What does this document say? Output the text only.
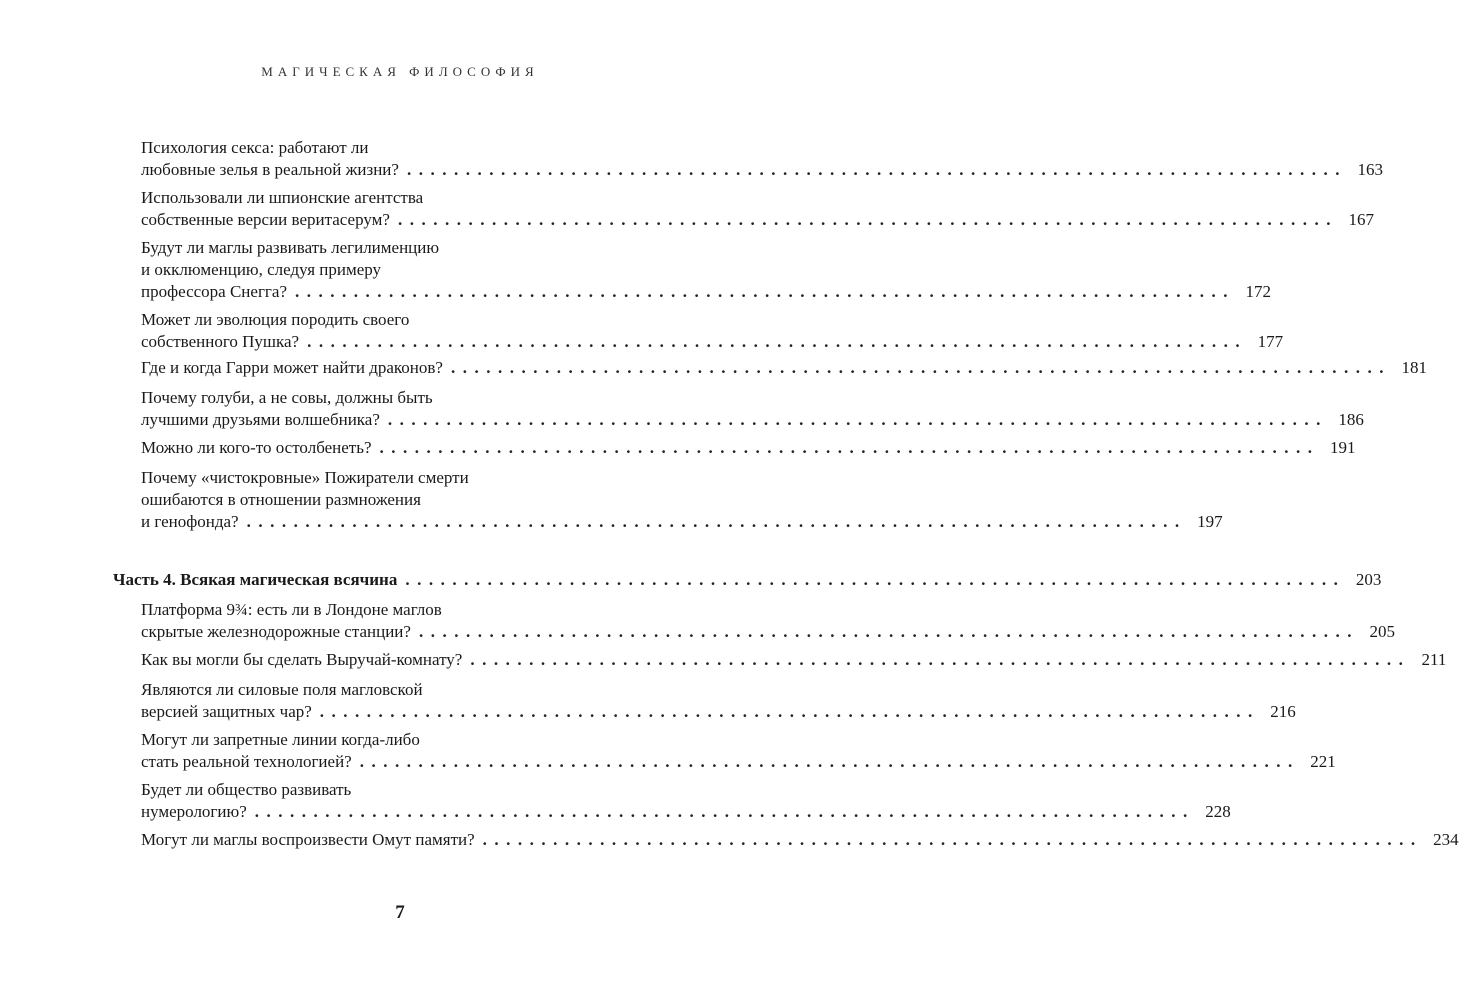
МАГИЧЕСКАЯ ФИЛОСОФИЯ
Психология секса: работают ли
любовные зелья в реальной жизни? ................................................................................ 163
Использовали ли шпионские агентства
собственные версии веритасерум? ................................................................................ 167
Будут ли маглы развивать легилименцию
и окклюменцию, следуя примеру
профессора Снегга? ................................................................................ 172
Может ли эволюция породить своего
собственного Пушка? ................................................................................ 177
Где и когда Гарри может найти драконов? ................................................................................ 181
Почему голуби, а не совы, должны быть
лучшими друзьями волшебника? ................................................................................ 186
Можно ли кого-то остолбенеть? ................................................................................ 191
Почему «чистокровные» Пожиратели смерти
ошибаются в отношении размножения
и генофонда? ................................................................................ 197
Часть 4. Всякая магическая всячина ................................................................................ 203
Платформа 9¾: есть ли в Лондоне маглов
скрытые железнодорожные станции? ................................................................................ 205
Как вы могли бы сделать Выручай-комнату? ................................................................................ 211
Являются ли силовые поля магловской
версией защитных чар? ................................................................................ 216
Могут ли запретные линии когда-либо
стать реальной технологией? ................................................................................ 221
Будет ли общество развивать
нумерологию? ................................................................................ 228
Могут ли маглы воспроизвести Омут памяти? ................................................................................ 234
7
